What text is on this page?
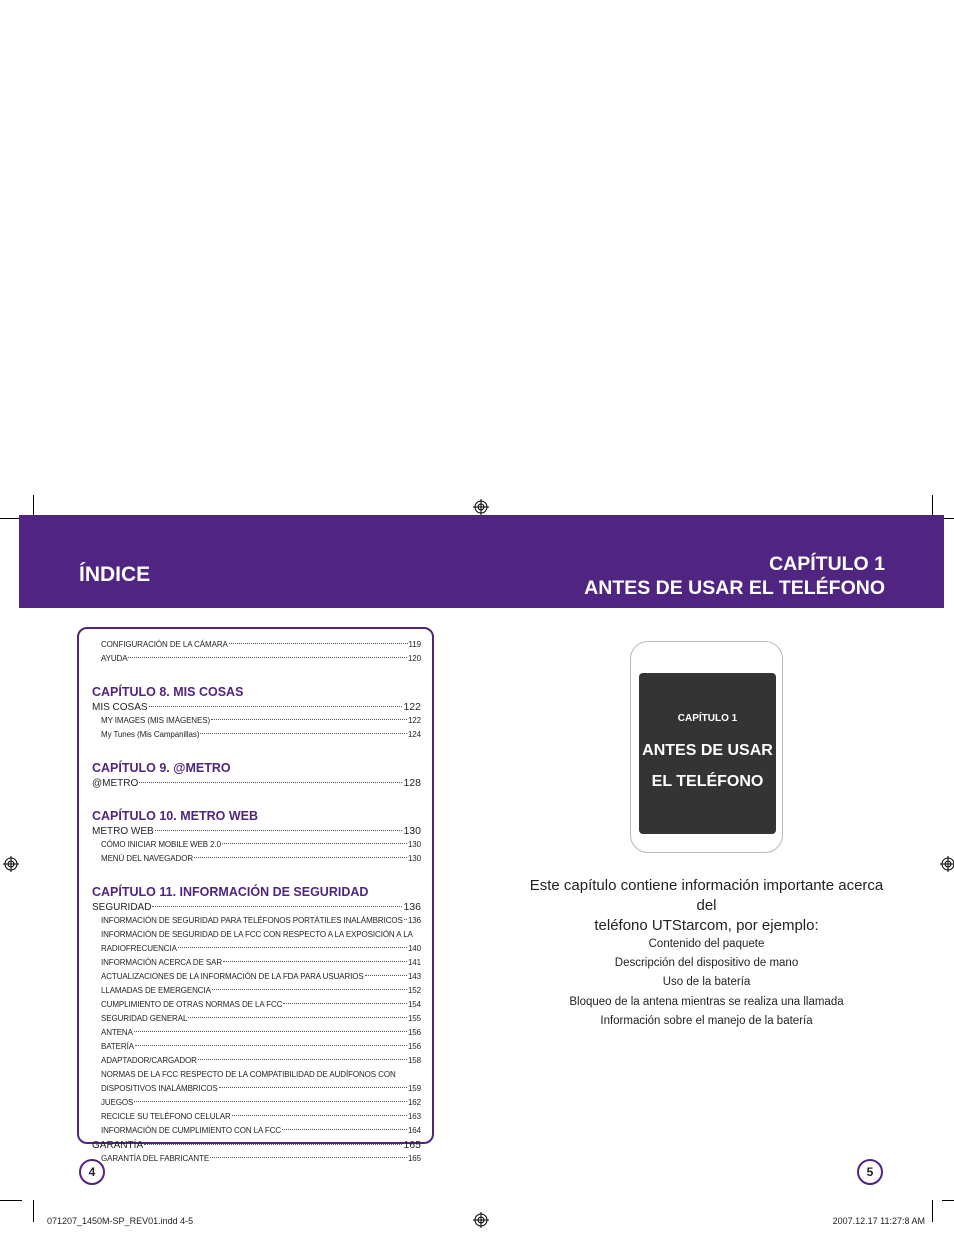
ÍNDICE	CAPÍTULO 1
ANTES DE USAR EL TELÉFONO
CONFIGURACIÓN DE LA CÁMARA	119
AYUDA	120
CAPÍTULO 8. MIS COSAS
MIS COSAS	122
MY IMAGES (MIS IMÁGENES)	122
My Tunes (Mis Campanillas)	124
CAPÍTULO 9. @METRO
@METRO	128
CAPÍTULO 10. METRO WEB
METRO WEB	130
CÓMO INICIAR MOBILE WEB 2.0	130
MENÚ DEL NAVEGADOR	130
CAPÍTULO 11. INFORMACIÓN DE SEGURIDAD
SEGURIDAD	136
INFORMACIÓN DE SEGURIDAD PARA TELÉFONOS PORTÁTILES INALÁMBRICOS 136
INFORMACIÓN DE SEGURIDAD DE LA FCC CON RESPECTO A LA EXPOSICIÓN A LA
RADIOFRECUENCIA	140
INFORMACIÓN ACERCA DE SAR	141
ACTUALIZACIONES DE LA INFORMACIÓN DE LA FDA PARA USUARIOS	143
LLAMADAS DE EMERGENCIA	152
CUMPLIMIENTO DE OTRAS NORMAS DE LA FCC	154
SEGURIDAD GENERAL	155
ANTENA	156
BATERÍA	156
ADAPTADOR/CARGADOR	158
NORMAS DE LA FCC RESPECTO DE LA COMPATIBILIDAD DE AUDÍFONOS CON
DISPOSITIVOS INALÁMBRICOS	159
JUEGOS	162
RECICLE SU TELÉFONO CELULAR	163
INFORMACIÓN DE CUMPLIMIENTO CON LA FCC	164
GARANTÍA	165
GARANTÍA DEL FABRICANTE	165
4	5
CAPÍTULO 1
ANTES DE USAR
EL TELÉFONO
Este capítulo contiene información importante acerca del
teléfono UTStarcom, por ejemplo:
Contenido del paquete
Descripción del dispositivo de mano
Uso de la batería
Bloqueo de la antena mientras se realiza una llamada
Información sobre el manejo de la batería
071207_1450M-SP_REV01.indd 4-5	2007.12.17 11:27:8 AM
